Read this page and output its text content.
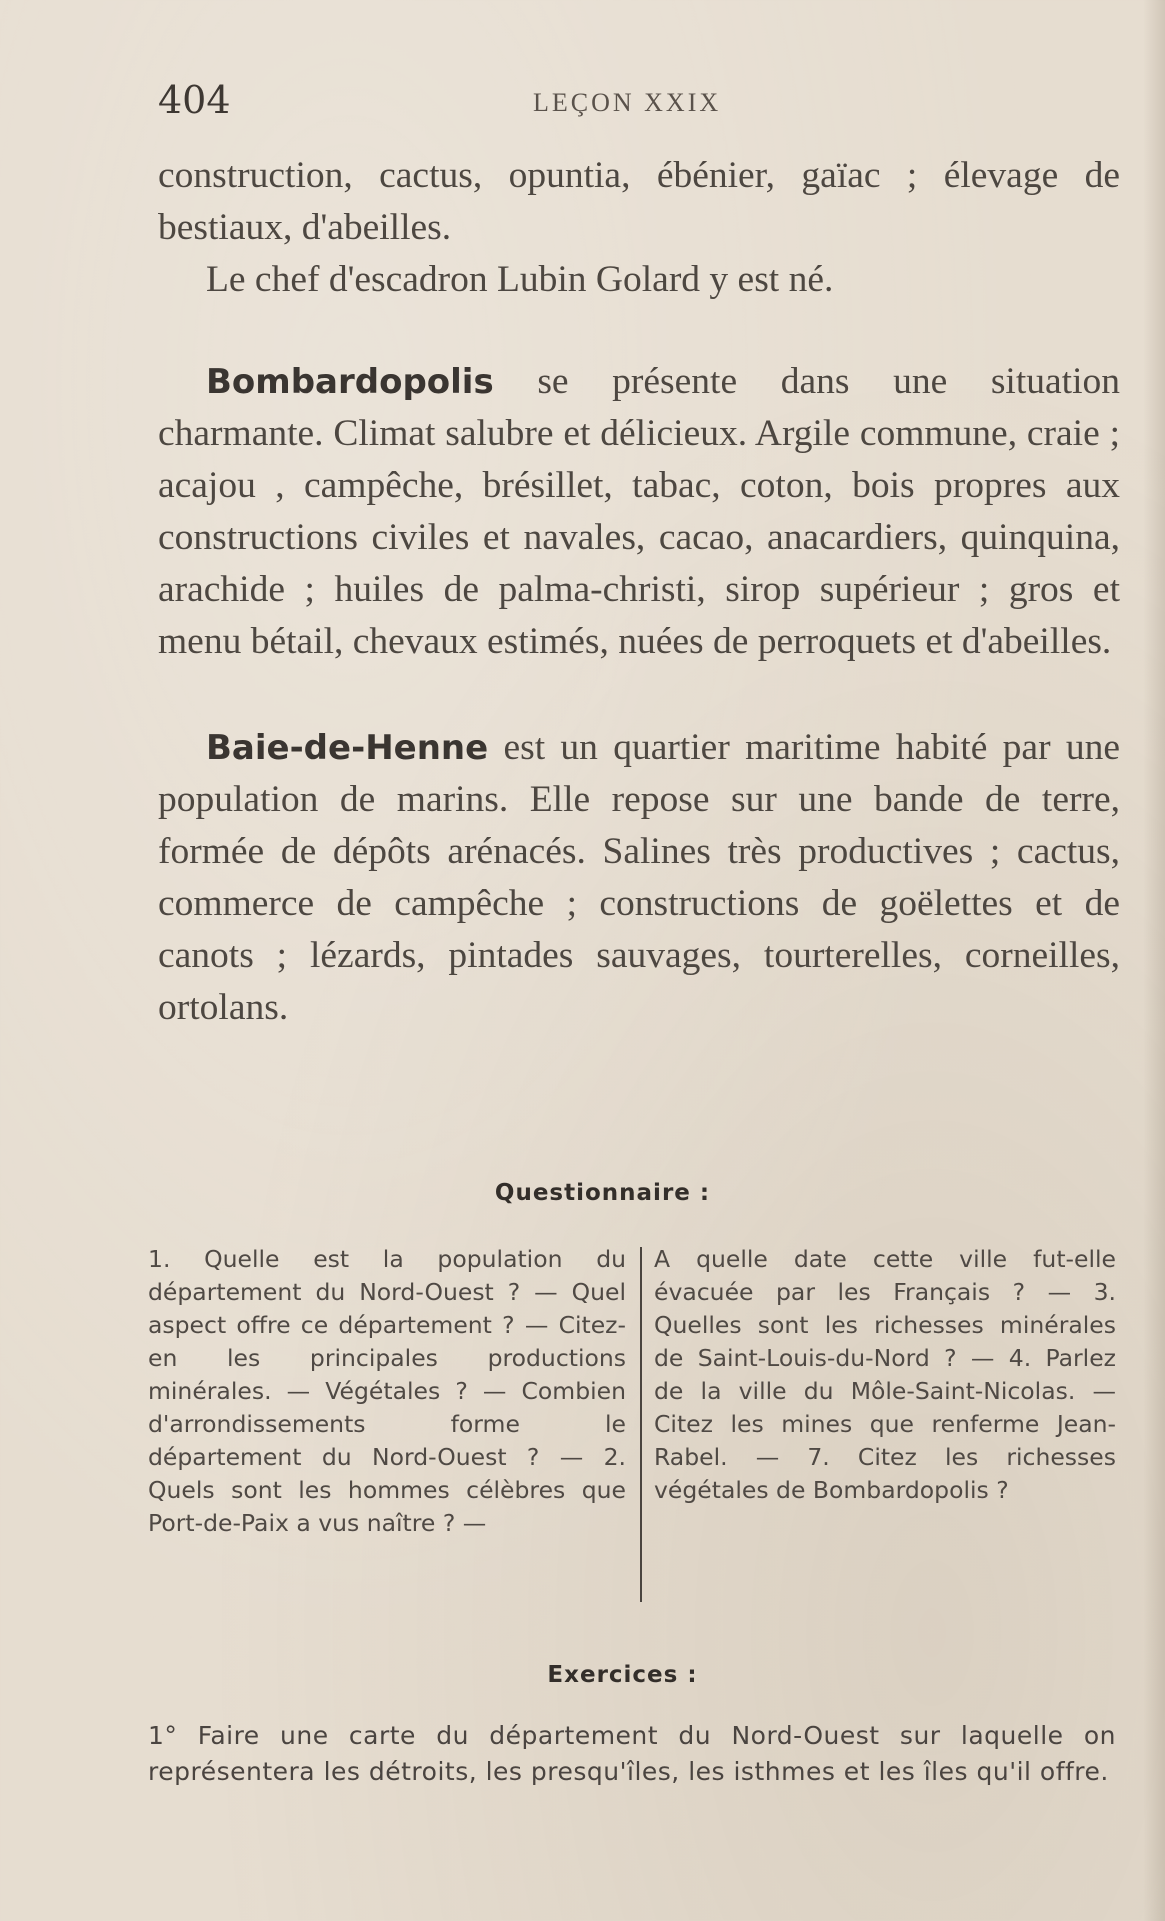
404	LEÇON XXIX

construction, cactus, opuntia, ébénier, gaïac ; élevage de bestiaux, d'abeilles.

Le chef d'escadron Lubin Golard y est né.

Bombardopolis se présente dans une situation charmante. Climat salubre et délicieux. Argile commune, craie ; acajou , campêche, brésillet, tabac, coton, bois propres aux constructions civiles et navales, cacao, anacardiers, quinquina, arachide ; huiles de palma-christi, sirop supérieur ; gros et menu bétail, chevaux estimés, nuées de perroquets et d'abeilles.

Baie-de-Henne est un quartier maritime habité par une population de marins. Elle repose sur une bande de terre, formée de dépôts arénacés. Salines très productives ; cactus, commerce de campêche ; constructions de goëlettes et de canots ; lézards, pintades sauvages, tourterelles, corneilles, ortolans.

Questionnaire :
1. Quelle est la population du département du Nord-Ouest ? — Quel aspect offre ce département ? — Citez-en les principales productions minérales. — Végétales ? — Combien d'arrondissements forme le département du Nord-Ouest ? — 2. Quels sont les hommes célèbres que Port-de-Paix a vus naître ? —
A quelle date cette ville fut-elle évacuée par les Français ? — 3. Quelles sont les richesses minérales de Saint-Louis-du-Nord ? — 4. Parlez de la ville du Môle-Saint-Nicolas. — Citez les mines que renferme Jean-Rabel. — 7. Citez les richesses végétales de Bombardopolis ?
Exercices :
1° Faire une carte du département du Nord-Ouest sur laquelle on représentera les détroits, les presqu'îles, les isthmes et les îles qu'il offre.
